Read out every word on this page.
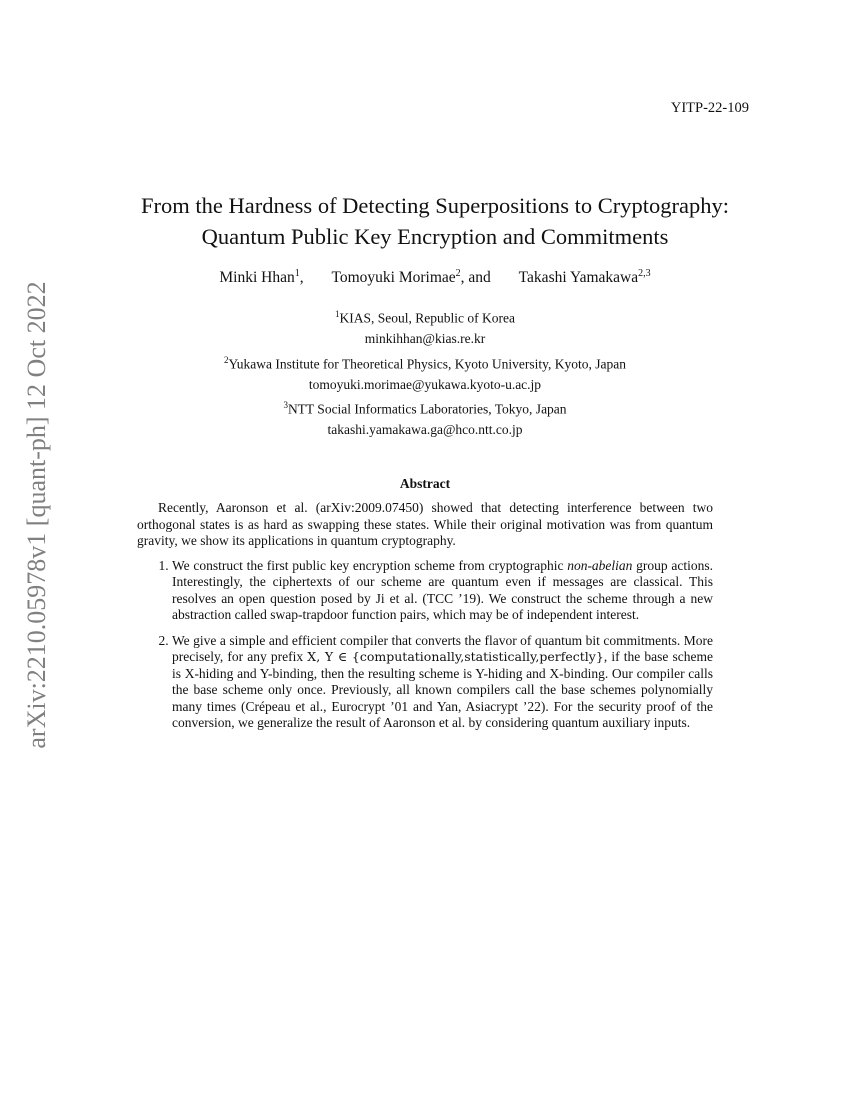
YITP-22-109
arXiv:2210.05978v1 [quant-ph] 12 Oct 2022
From the Hardness of Detecting Superpositions to Cryptography:
Quantum Public Key Encryption and Commitments
Minki Hhan$^1$, Tomoyuki Morimae$^2$, and Takashi Yamakawa$^{2,3}$
$^1$KIAS, Seoul, Republic of Korea
minkihhan@kias.re.kr
$^2$Yukawa Institute for Theoretical Physics, Kyoto University, Kyoto, Japan
tomoyuki.morimae@yukawa.kyoto-u.ac.jp
$^3$NTT Social Informatics Laboratories, Tokyo, Japan
takashi.yamakawa.ga@hco.ntt.co.jp
Abstract

Recently, Aaronson et al. (arXiv:2009.07450) showed that detecting interference between two orthogonal states is as hard as swapping these states. While their original motivation was from quantum gravity, we show its applications in quantum cryptography.

1. We construct the first public key encryption scheme from cryptographic non-abelian group actions. Interestingly, the ciphertexts of our scheme are quantum even if messages are classical. This resolves an open question posed by Ji et al. (TCC ’19). We construct the scheme through a new abstraction called swap-trapdoor function pairs, which may be of independent interest.
2. We give a simple and efficient compiler that converts the flavor of quantum bit commitments. More precisely, for any prefix X, Y ∈ {computationally,statistically,perfectly}, if the base scheme is X-hiding and Y-binding, then the resulting scheme is Y-hiding and X-binding. Our compiler calls the base scheme only once. Previously, all known compilers call the base schemes polynomially many times (Crépeau et al., Eurocrypt ’01 and Yan, Asiacrypt ’22). For the security proof of the conversion, we generalize the result of Aaronson et al. by considering quantum auxiliary inputs.
